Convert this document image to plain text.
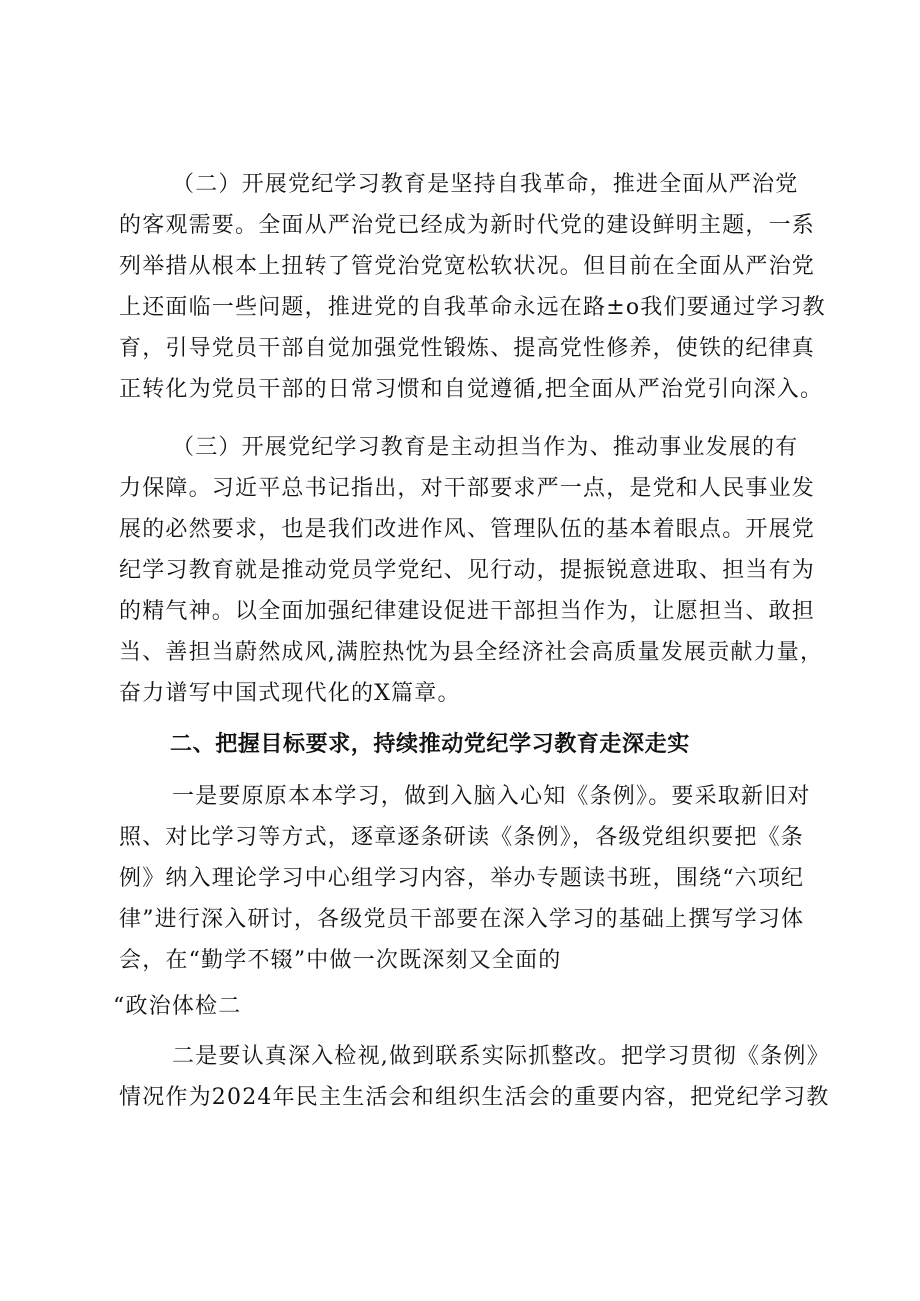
（二）开展党纪学习教育是坚持自我革命，推进全面从严治党

的客观需要。全面从严治党已经成为新时代党的建设鲜明主题，一系

列举措从根本上扭转了管党治党宽松软状况。但目前在全面从严治党

上还面临一些问题，推进党的自我革命永远在路±o我们要通过学习教

育，引导党员干部自觉加强党性锻炼、提高党性修养，使铁的纪律真

正转化为党员干部的日常习惯和自觉遵循,把全面从严治党引向深入。

（三）开展党纪学习教育是主动担当作为、推动事业发展的有

力保障。习近平总书记指出，对干部要求严一点，是党和人民事业发

展的必然要求，也是我们改进作风、管理队伍的基本着眼点。开展党

纪学习教育就是推动党员学党纪、见行动，提振锐意进取、担当有为

的精气神。以全面加强纪律建设促进干部担当作为，让愿担当、敢担

当、善担当蔚然成风,满腔热忱为县全经济社会高质量发展贡献力量，

奋力谱写中国式现代化的X篇章。

二、把握目标要求，持续推动党纪学习教育走深走实

一是要原原本本学习，做到入脑入心知《条例》。要采取新旧对

照、对比学习等方式，逐章逐条研读《条例》，各级党组织要把《条

例》纳入理论学习中心组学习内容，举办专题读书班，围绕“六项纪

律”进行深入研讨，各级党员干部要在深入学习的基础上撰写学习体

会，在“勤学不辍”中做一次既深刻又全面的

“政治体检二

二是要认真深入检视,做到联系实际抓整改。把学习贯彻《条例》

情况作为2024年民主生活会和组织生活会的重要内容，把党纪学习教
